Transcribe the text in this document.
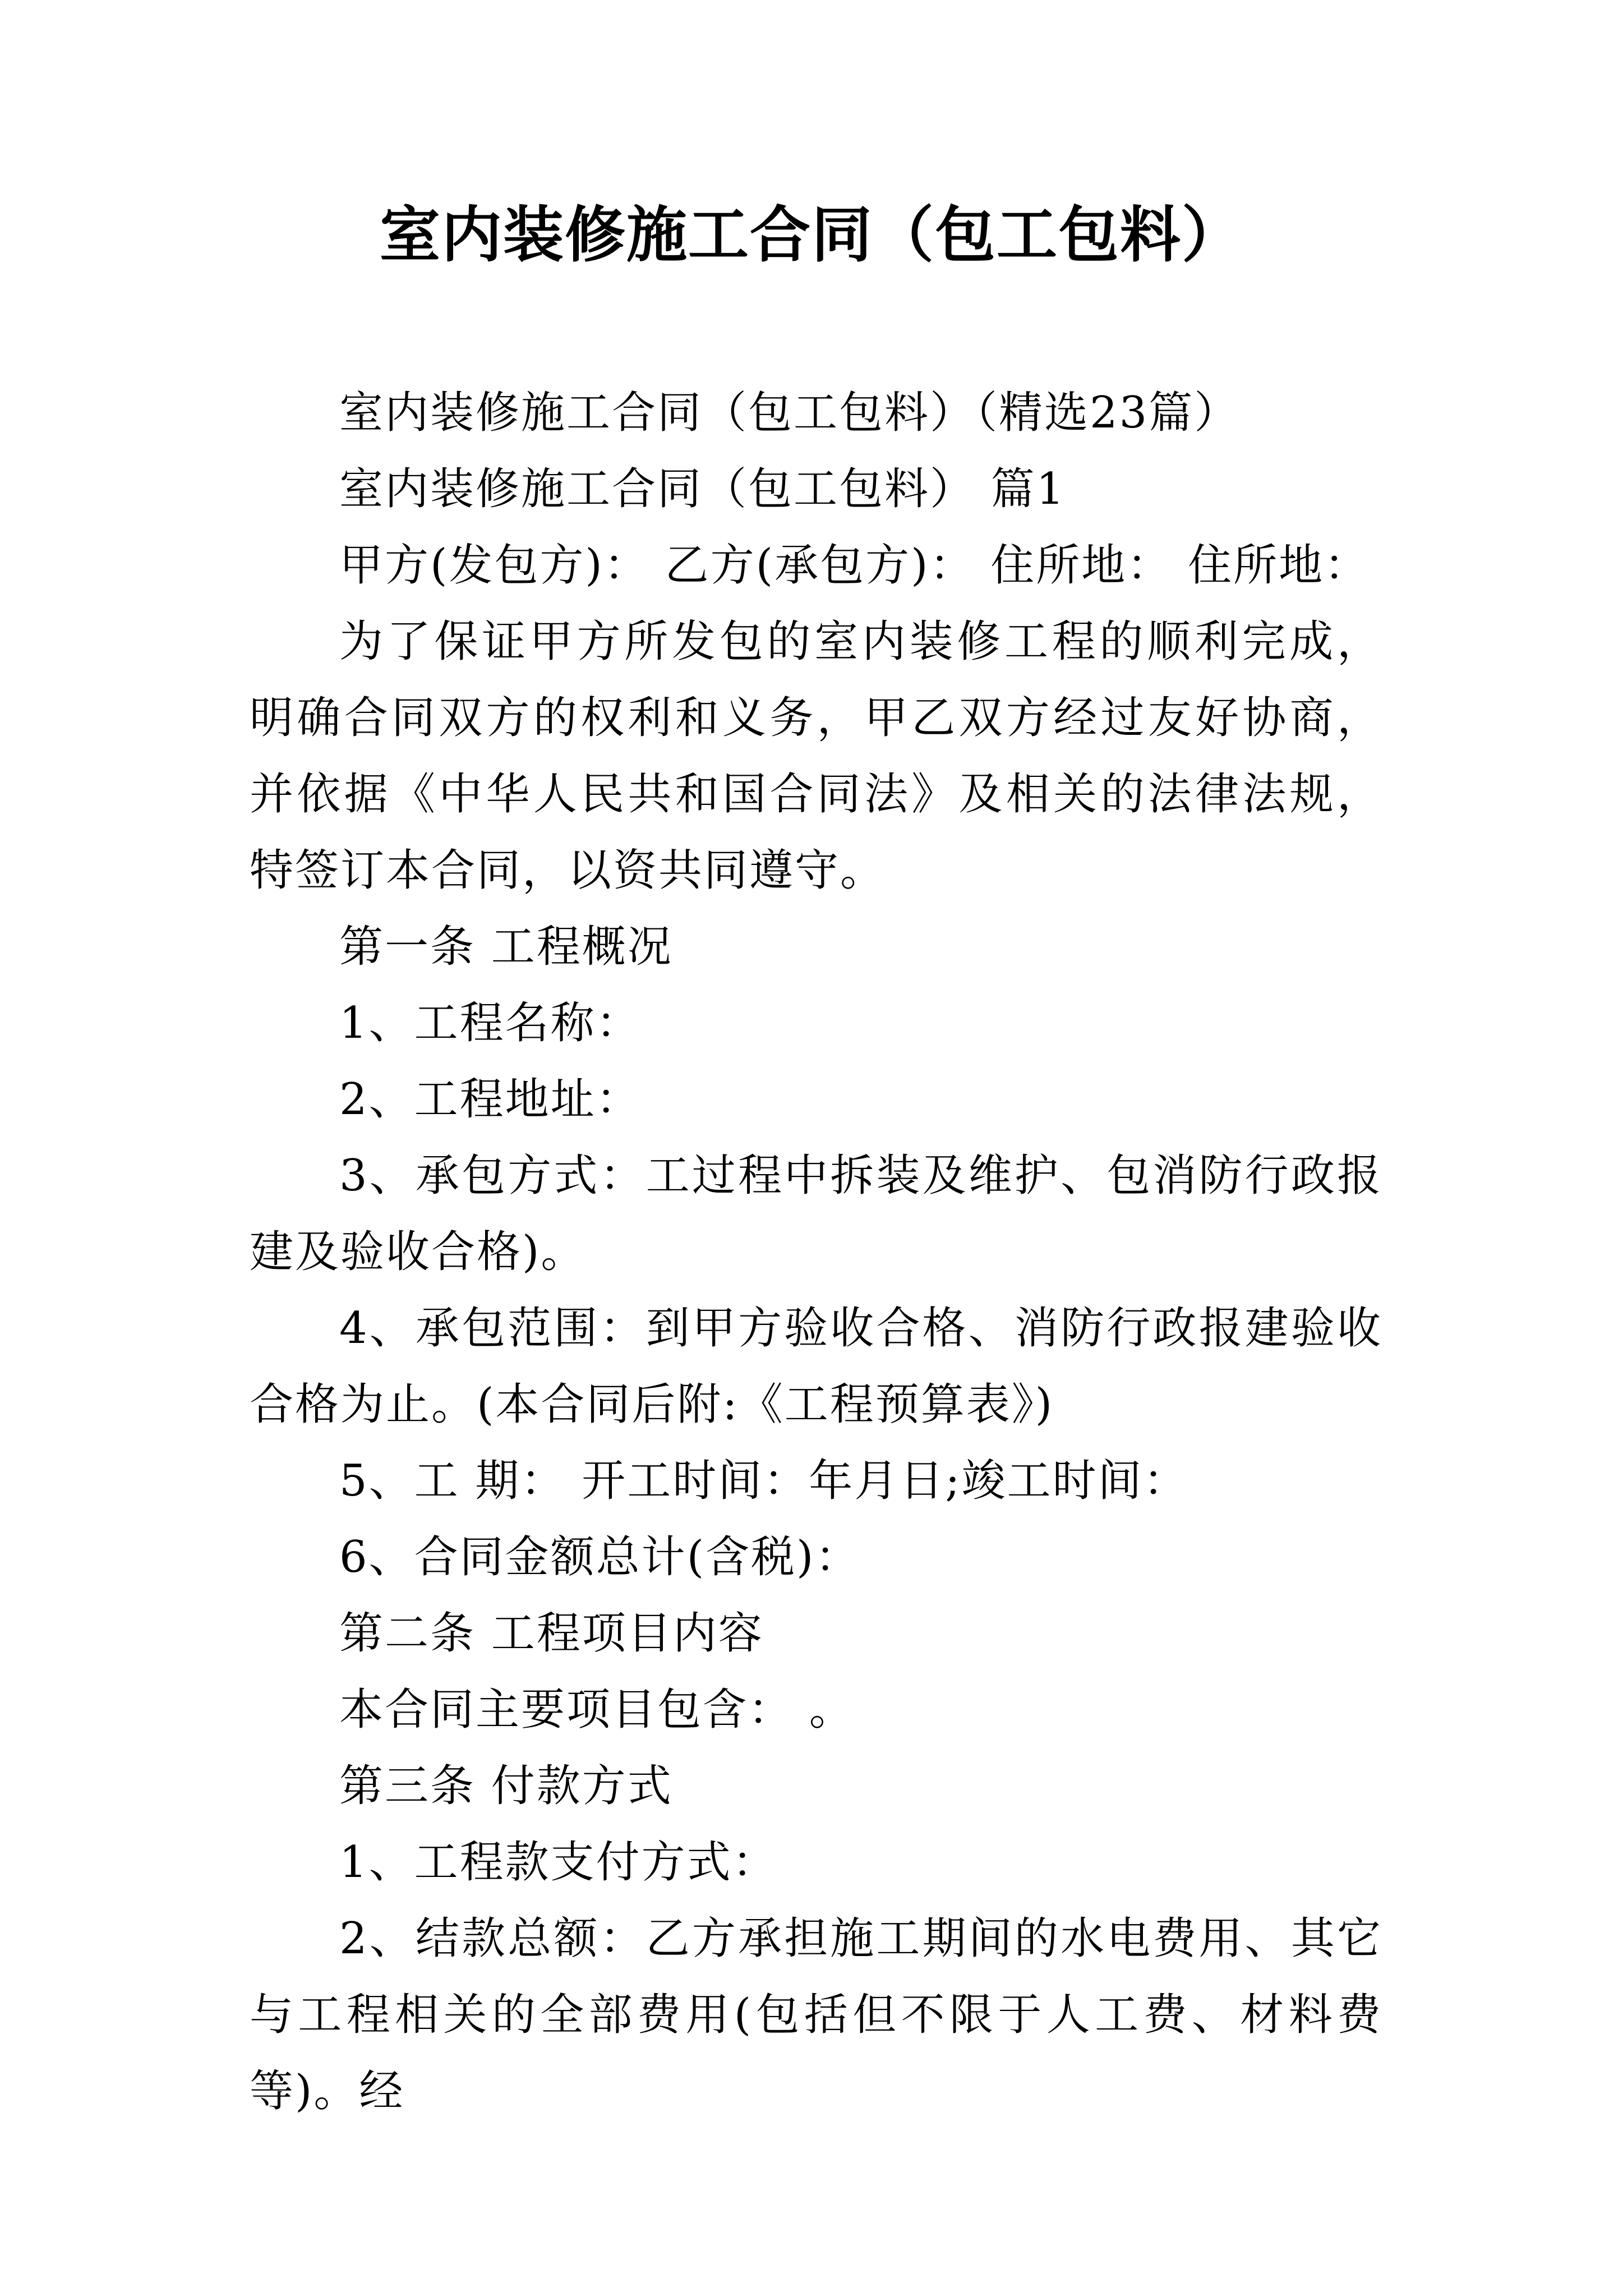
室内装修施工合同（包工包料）

室内装修施工合同（包工包料）（精选23篇）

室内装修施工合同（包工包料） 篇1

甲方(发包方)： 乙方(承包方)： 住所地： 住所地：

为了保证甲方所发包的室内装修工程的顺利完成，明确合同双方的权利和义务，甲乙双方经过友好协商，并依据《中华人民共和国合同法》及相关的法律法规，特签订本合同，以资共同遵守。

第一条 工程概况

1、工程名称：

2、工程地址：

3、承包方式：工过程中拆装及维护、包消防行政报建及验收合格)。

4、承包范围：到甲方验收合格、消防行政报建验收合格为止。(本合同后附:《工程预算表》)

5、工 期： 开工时间：年月日;竣工时间：

6、合同金额总计(含税)：

第二条 工程项目内容

本合同主要项目包含： 。

第三条 付款方式

1、工程款支付方式：

2、结款总额：乙方承担施工期间的水电费用、其它与工程相关的全部费用(包括但不限于人工费、材料费等)。经
